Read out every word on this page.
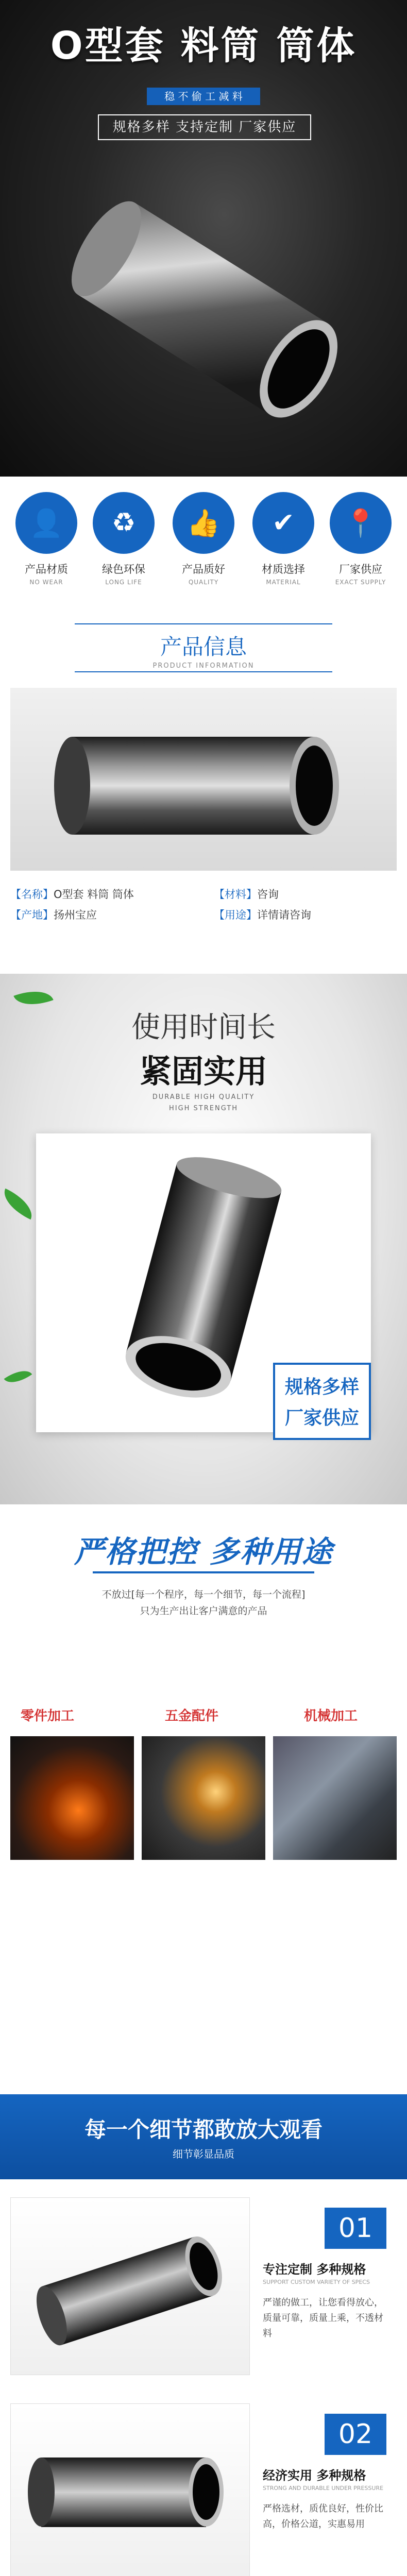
O型套 料筒 筒体
稳 不 偷 工 减 料
规格多样 支持定制 厂家供应
👤
产品材质
NO WEAR
♻
绿色环保
LONG LIFE
👍
产品质好
QUALITY
✔
材质选择
MATERIAL
📍
厂家供应
EXACT SUPPLY
产品信息
PRODUCT INFORMATION
【名称】O型套 料筒 筒体	【材料】咨询
【产地】扬州宝应	【用途】详情请咨询
使用时间长
紧固实用
DURABLE HIGH QUALITY
HIGH STRENGTH
规格多样
厂家供应
严格把控 多种用途
不放过[每一个程序，每一个细节，每一个流程]
只为生产出让客户满意的产品
零件加工	五金配件	机械加工
每一个细节都敢放大观看
细节彰显品质
01
专注定制 多种规格
SUPPORT CUSTOM VARIETY OF SPECS
严谨的做工，让您看得放心，质量可靠，质量上乘，不透材料
02
经济实用 多种规格
STRONG AND DURABLE UNDER PRESSURE
严格选材，质优良好，性价比高，价格公道，实惠易用
